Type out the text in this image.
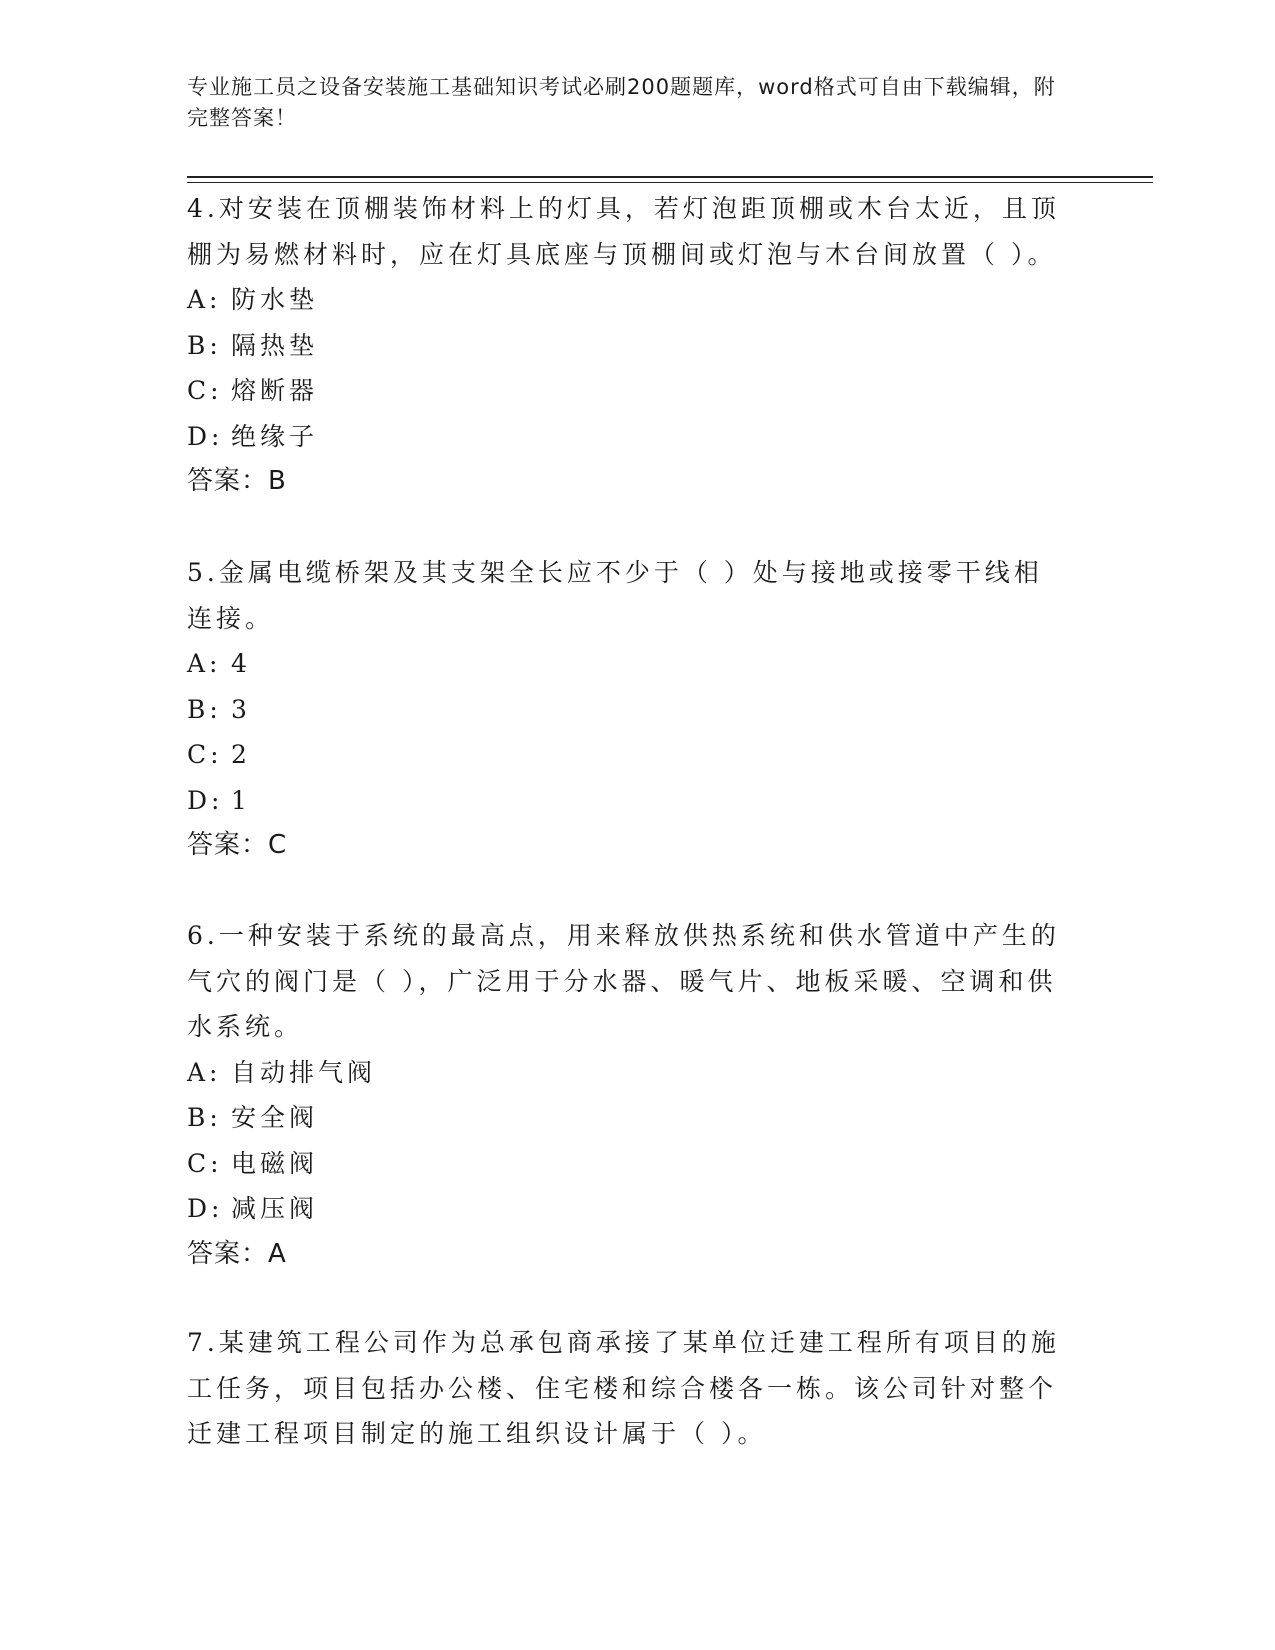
专业施工员之设备安装施工基础知识考试必刷200题题库，word格式可自由下载编辑，附完整答案！
4.对安装在顶棚装饰材料上的灯具，若灯泡距顶棚或木台太近，且顶棚为易燃材料时，应在灯具底座与顶棚间或灯泡与木台间放置（ ）。
A: 防水垫
B: 隔热垫
C: 熔断器
D: 绝缘子
答案：B
5.金属电缆桥架及其支架全长应不少于（ ）处与接地或接零干线相连接。
A: 4
B: 3
C: 2
D: 1
答案：C
6.一种安装于系统的最高点，用来释放供热系统和供水管道中产生的气穴的阀门是（ ），广泛用于分水器、暖气片、地板采暖、空调和供水系统。
A: 自动排气阀
B: 安全阀
C: 电磁阀
D: 减压阀
答案：A
7.某建筑工程公司作为总承包商承接了某单位迁建工程所有项目的施工任务，项目包括办公楼、住宅楼和综合楼各一栋。该公司针对整个迁建工程项目制定的施工组织设计属于（ ）。
